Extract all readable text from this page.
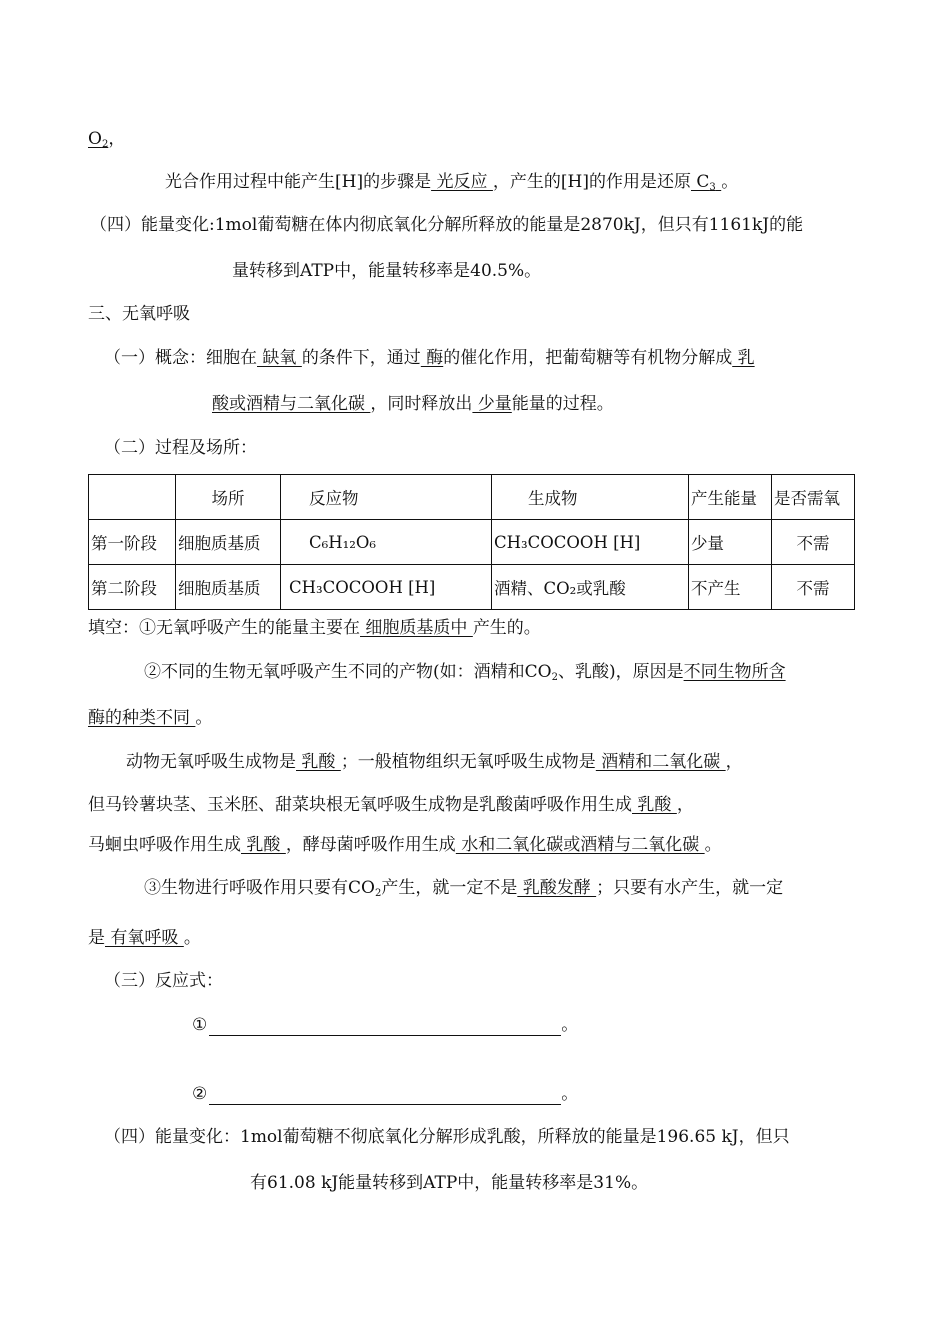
$O_2$，
光合作用过程中能产生[H]的步骤是 光反应 ，产生的[H]的作用是还原 $C_3$ 。
（四）能量变化:1mol葡萄糖在体内彻底氧化分解所释放的能量是2870kJ，但只有1161kJ的能
量转移到ATP中，能量转移率是40.5%。
三、无氧呼吸
（一）概念：细胞在 缺氧 的条件下，通过 酶的催化作用，把葡萄糖等有机物分解成 乳
酸或酒精与二氧化碳 ，同时释放出 少量能量的过程。
（二）过程及场所：
	场所	反应物	生成物	产生能量	是否需氧
第一阶段	细胞质基质	C₆H₁₂O₆	CH₃COCOOH [H]	少量	不需
第二阶段	细胞质基质	CH₃COCOOH [H]	酒精、CO₂或乳酸	不产生	不需
填空：①无氧呼吸产生的能量主要在 细胞质基质中 产生的。
②不同的生物无氧呼吸产生不同的产物(如：酒精和$CO_2$、乳酸)，原因是不同生物所含
酶的种类不同 。
动物无氧呼吸生成物是 乳酸 ；一般植物组织无氧呼吸生成物是 酒精和二氧化碳 ，
但马铃薯块茎、玉米胚、甜菜块根无氧呼吸生成物是乳酸菌呼吸作用生成 乳酸 ，
马蛔虫呼吸作用生成 乳酸 ，酵母菌呼吸作用生成 水和二氧化碳或酒精与二氧化碳 。
③生物进行呼吸作用只要有$CO_2$产生，就一定不是 乳酸发酵 ；只要有水产生，就一定
是 有氧呼吸 。
（三）反应式：
①	。
②	。
（四）能量变化：1mol葡萄糖不彻底氧化分解形成乳酸，所释放的能量是196.65 kJ，但只
有61.08 kJ能量转移到ATP中，能量转移率是31%。
